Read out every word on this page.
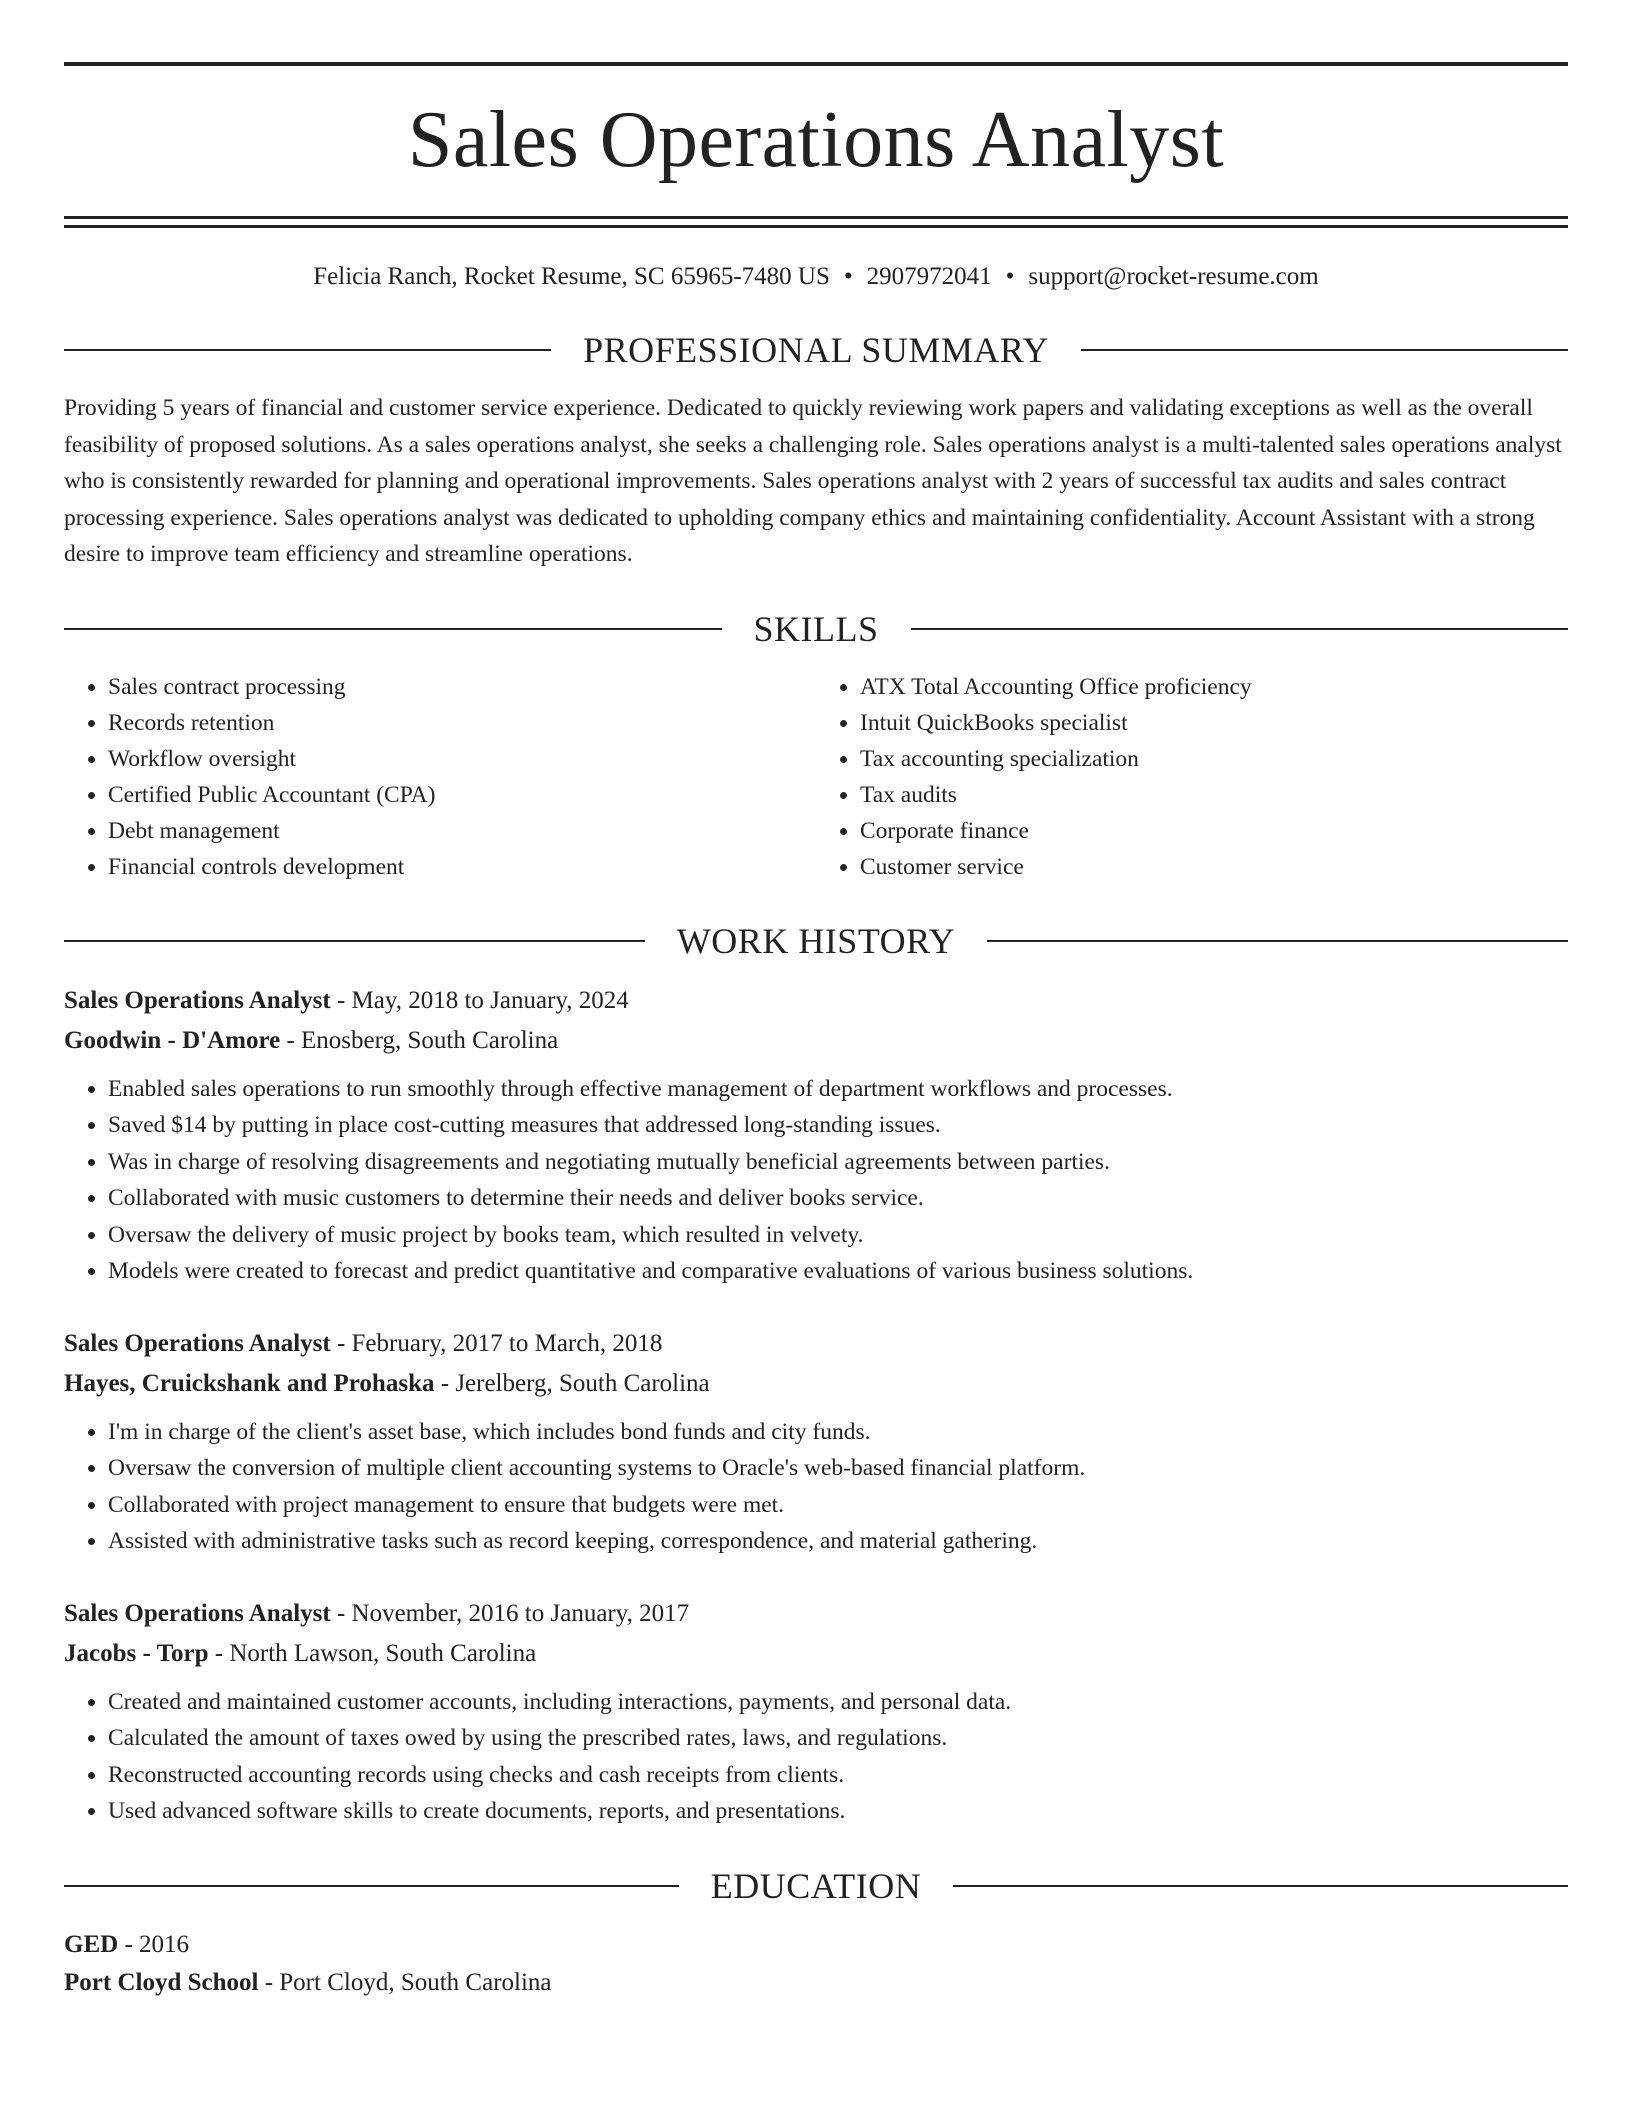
Sales Operations Analyst
Felicia Ranch, Rocket Resume, SC 65965-7480 US • 2907972041 • support@rocket-resume.com
PROFESSIONAL SUMMARY

Providing 5 years of financial and customer service experience. Dedicated to quickly reviewing work papers and validating exceptions as well as the overall feasibility of proposed solutions. As a sales operations analyst, she seeks a challenging role. Sales operations analyst is a multi-talented sales operations analyst who is consistently rewarded for planning and operational improvements. Sales operations analyst with 2 years of successful tax audits and sales contract processing experience. Sales operations analyst was dedicated to upholding company ethics and maintaining confidentiality. Account Assistant with a strong desire to improve team efficiency and streamline operations.

SKILLS
• Sales contract processing
• Records retention
• Workflow oversight
• Certified Public Accountant (CPA)
• Debt management
• Financial controls development
• ATX Total Accounting Office proficiency
• Intuit QuickBooks specialist
• Tax accounting specialization
• Tax audits
• Corporate finance
• Customer service
WORK HISTORY
Sales Operations Analyst - May, 2018 to January, 2024
Goodwin - D'Amore - Enosberg, South Carolina
• Enabled sales operations to run smoothly through effective management of department workflows and processes.
• Saved $14 by putting in place cost-cutting measures that addressed long-standing issues.
• Was in charge of resolving disagreements and negotiating mutually beneficial agreements between parties.
• Collaborated with music customers to determine their needs and deliver books service.
• Oversaw the delivery of music project by books team, which resulted in velvety.
• Models were created to forecast and predict quantitative and comparative evaluations of various business solutions.
Sales Operations Analyst - February, 2017 to March, 2018
Hayes, Cruickshank and Prohaska - Jerelberg, South Carolina
• I'm in charge of the client's asset base, which includes bond funds and city funds.
• Oversaw the conversion of multiple client accounting systems to Oracle's web-based financial platform.
• Collaborated with project management to ensure that budgets were met.
• Assisted with administrative tasks such as record keeping, correspondence, and material gathering.
Sales Operations Analyst - November, 2016 to January, 2017
Jacobs - Torp - North Lawson, South Carolina
• Created and maintained customer accounts, including interactions, payments, and personal data.
• Calculated the amount of taxes owed by using the prescribed rates, laws, and regulations.
• Reconstructed accounting records using checks and cash receipts from clients.
• Used advanced software skills to create documents, reports, and presentations.
EDUCATION
GED - 2016
Port Cloyd School - Port Cloyd, South Carolina
